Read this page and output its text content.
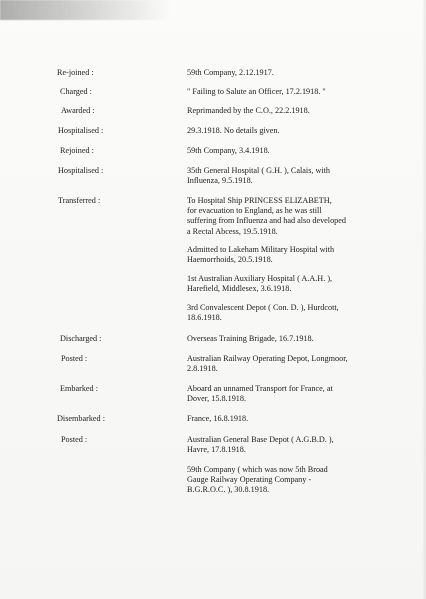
Re-joined :	59th Company, 2.12.1917.
Charged :	" Failing to Salute an Officer, 17.2.1918. "
Awarded :	Reprimanded by the C.O., 22.2.1918.
Hospitalised :	29.3.1918. No details given.
Rejoined :	59th Company, 3.4.1918.
Hospitalised :	35th General Hospital ( G.H. ), Calais, with
Influenza, 9.5.1918.
Transferred :	To Hospital Ship PRINCESS ELIZABETH,
for evacuation to England, as he was still
suffering from Influenza and had also developed
a Rectal Abcess, 19.5.1918.
Admitted to Lakeham Military Hospital with
Haemorrhoids, 20.5.1918.
1st Australian Auxiliary Hospital ( A.A.H. ),
Harefield, Middlesex, 3.6.1918.
3rd Convalescent Depot ( Con. D. ), Hurdcott,
18.6.1918.
Discharged :	Overseas Training Brigade, 16.7.1918.
Posted :	Australian Railway Operating Depot, Longmoor,
2.8.1918.
Embarked :	Aboard an unnamed Transport for France, at
Dover, 15.8.1918.
Disembarked :	France, 16.8.1918.
Posted :	Australian General Base Depot ( A.G.B.D. ),
Havre, 17.8.1918.
59th Company ( which was now 5th Broad
Gauge Railway Operating Company -
B.G.R.O.C. ), 30.8.1918.
